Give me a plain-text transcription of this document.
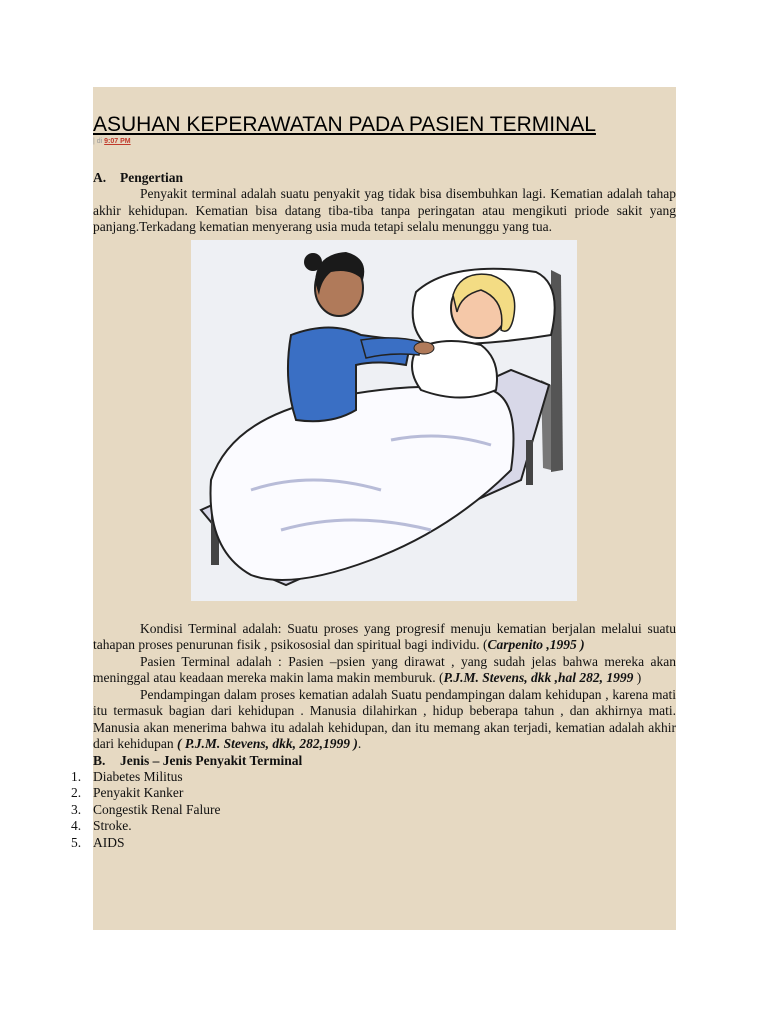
ASUHAN KEPERAWATAN PADA PASIEN TERMINAL
| di 9:07 PM
A. Pengertian

Penyakit terminal adalah suatu penyakit yag tidak bisa disembuhkan lagi. Kematian adalah tahap akhir kehidupan. Kematian bisa datang tiba-tiba tanpa peringatan atau mengikuti priode sakit yang panjang.Terkadang kematian menyerang usia muda tetapi selalu menunggu yang tua.

Kondisi Terminal adalah: Suatu proses yang progresif menuju kematian berjalan melalui suatu tahapan proses penurunan fisik , psikososial dan spiritual bagi individu. (Carpenito ,1995 )

Pasien Terminal adalah : Pasien –psien yang dirawat , yang sudah jelas bahwa mereka akan meninggal atau keadaan mereka makin lama makin memburuk. (P.J.M. Stevens, dkk ,hal 282, 1999 )

Pendampingan dalam proses kematian adalah Suatu pendampingan dalam kehidupan , karena mati itu termasuk bagian dari kehidupan . Manusia dilahirkan , hidup beberapa tahun , dan akhirnya mati. Manusia akan menerima bahwa itu adalah kehidupan, dan itu memang akan terjadi, kematian adalah akhir dari kehidupan ( P.J.M. Stevens, dkk, 282,1999 ).

B. Jenis – Jenis Penyakit Terminal
1. Diabetes Militus
2. Penyakit Kanker
3. Congestik Renal Falure
4. Stroke.
5. AIDS
